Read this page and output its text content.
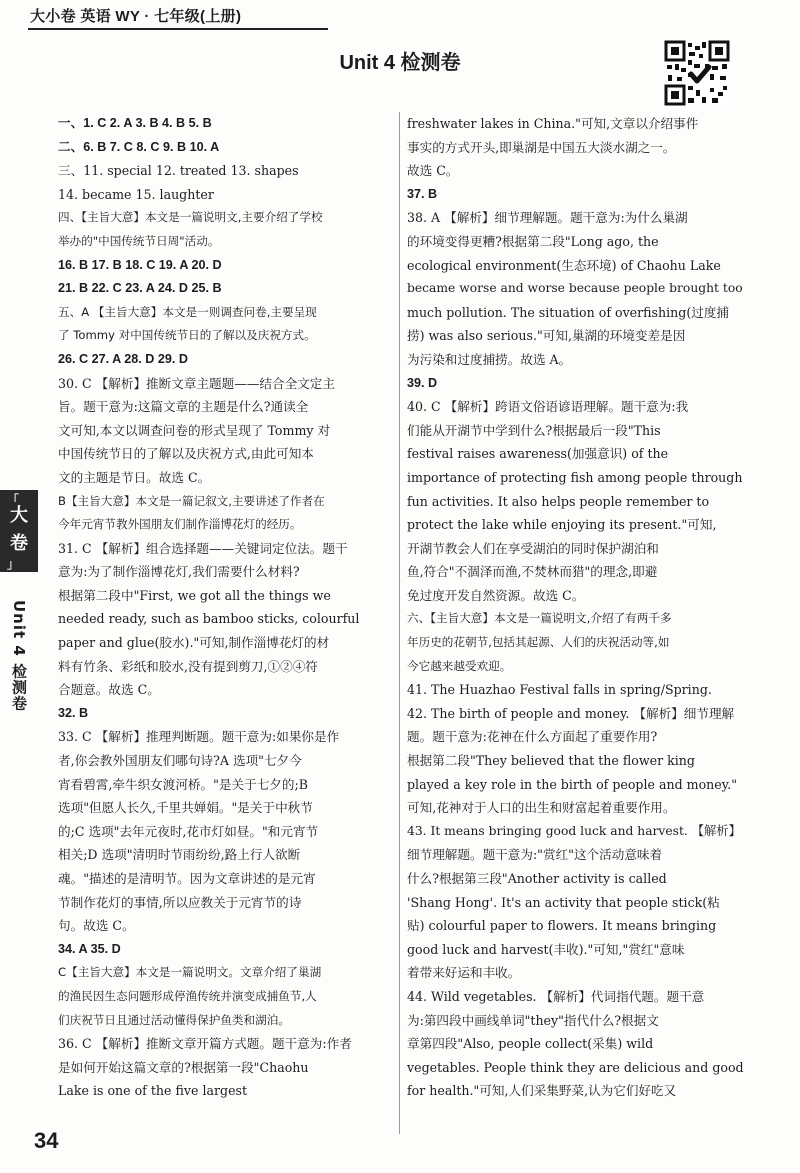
大小卷 英语 WY · 七年级(上册)
Unit 4 检测卷
「
大
卷
」
Unit 4 检测卷
一、1. C 2. A 3. B 4. B 5. B
二、6. B 7. C 8. C 9. B 10. A
三、11. special 12. treated 13. shapes
14. became 15. laughter
四、【主旨大意】本文是一篇说明文,主要介绍了学校
举办的"中国传统节日周"活动。
16. B 17. B 18. C 19. A 20. D
21. B 22. C 23. A 24. D 25. B
五、A 【主旨大意】本文是一则调查问卷,主要呈现
了 Tommy 对中国传统节日的了解以及庆祝方式。
26. C 27. A 28. D 29. D
30. C 【解析】推断文章主题题——结合全文定主
旨。题干意为:这篇文章的主题是什么?通读全
文可知,本文以调查问卷的形式呈现了 Tommy 对
中国传统节日的了解以及庆祝方式,由此可知本
文的主题是节日。故选 C。
B【主旨大意】本文是一篇记叙文,主要讲述了作者在
今年元宵节教外国朋友们制作淄博花灯的经历。
31. C 【解析】组合选择题——关键词定位法。题干
意为:为了制作淄博花灯,我们需要什么材料?
根据第二段中"First, we got all the things we
needed ready, such as bamboo sticks, colourful
paper and glue(胶水)."可知,制作淄博花灯的材
料有竹条、彩纸和胶水,没有提到剪刀,①②④符
合题意。故选 C。
32. B
33. C 【解析】推理判断题。题干意为:如果你是作
者,你会教外国朋友们哪句诗?A 选项"七夕今
宵看碧霄,牵牛织女渡河桥。"是关于七夕的;B
选项"但愿人长久,千里共婵娟。"是关于中秋节
的;C 选项"去年元夜时,花市灯如昼。"和元宵节
相关;D 选项"清明时节雨纷纷,路上行人欲断
魂。"描述的是清明节。因为文章讲述的是元宵
节制作花灯的事情,所以应教关于元宵节的诗
句。故选 C。
34. A 35. D
C【主旨大意】本文是一篇说明文。文章介绍了巢湖
的渔民因生态问题形成停渔传统并演变成捕鱼节,人
们庆祝节日且通过活动懂得保护鱼类和湖泊。
36. C 【解析】推断文章开篇方式题。题干意为:作者
是如何开始这篇文章的?根据第一段"Chaohu
Lake is one of the five largest
freshwater lakes in China."可知,文章以介绍事件
事实的方式开头,即巢湖是中国五大淡水湖之一。
故选 C。
37. B
38. A 【解析】细节理解题。题干意为:为什么巢湖
的环境变得更糟?根据第二段"Long ago, the
ecological environment(生态环境) of Chaohu Lake
became worse and worse because people brought too
much pollution. The situation of overfishing(过度捕
捞) was also serious."可知,巢湖的环境变差是因
为污染和过度捕捞。故选 A。
39. D
40. C 【解析】跨语文俗语谚语理解。题干意为:我
们能从开湖节中学到什么?根据最后一段"This
festival raises awareness(加强意识) of the
importance of protecting fish among people through
fun activities. It also helps people remember to
protect the lake while enjoying its present."可知,
开湖节教会人们在享受湖泊的同时保护湖泊和
鱼,符合"不涸泽而渔,不焚林而猎"的理念,即避
免过度开发自然资源。故选 C。
六、【主旨大意】本文是一篇说明文,介绍了有两千多
年历史的花朝节,包括其起源、人们的庆祝活动等,如
今它越来越受欢迎。
41. The Huazhao Festival falls in spring/Spring.
42. The birth of people and money. 【解析】细节理解
题。题干意为:花神在什么方面起了重要作用?
根据第二段"They believed that the flower king
played a key role in the birth of people and money."
可知,花神对于人口的出生和财富起着重要作用。
43. It means bringing good luck and harvest. 【解析】
细节理解题。题干意为:"赏红"这个活动意味着
什么?根据第三段"Another activity is called
'Shang Hong'. It's an activity that people stick(粘
贴) colourful paper to flowers. It means bringing
good luck and harvest(丰收)."可知,"赏红"意味
着带来好运和丰收。
44. Wild vegetables. 【解析】代词指代题。题干意
为:第四段中画线单词"they"指代什么?根据文
章第四段"Also, people collect(采集) wild
vegetables. People think they are delicious and good
for health."可知,人们采集野菜,认为它们好吃又
34
